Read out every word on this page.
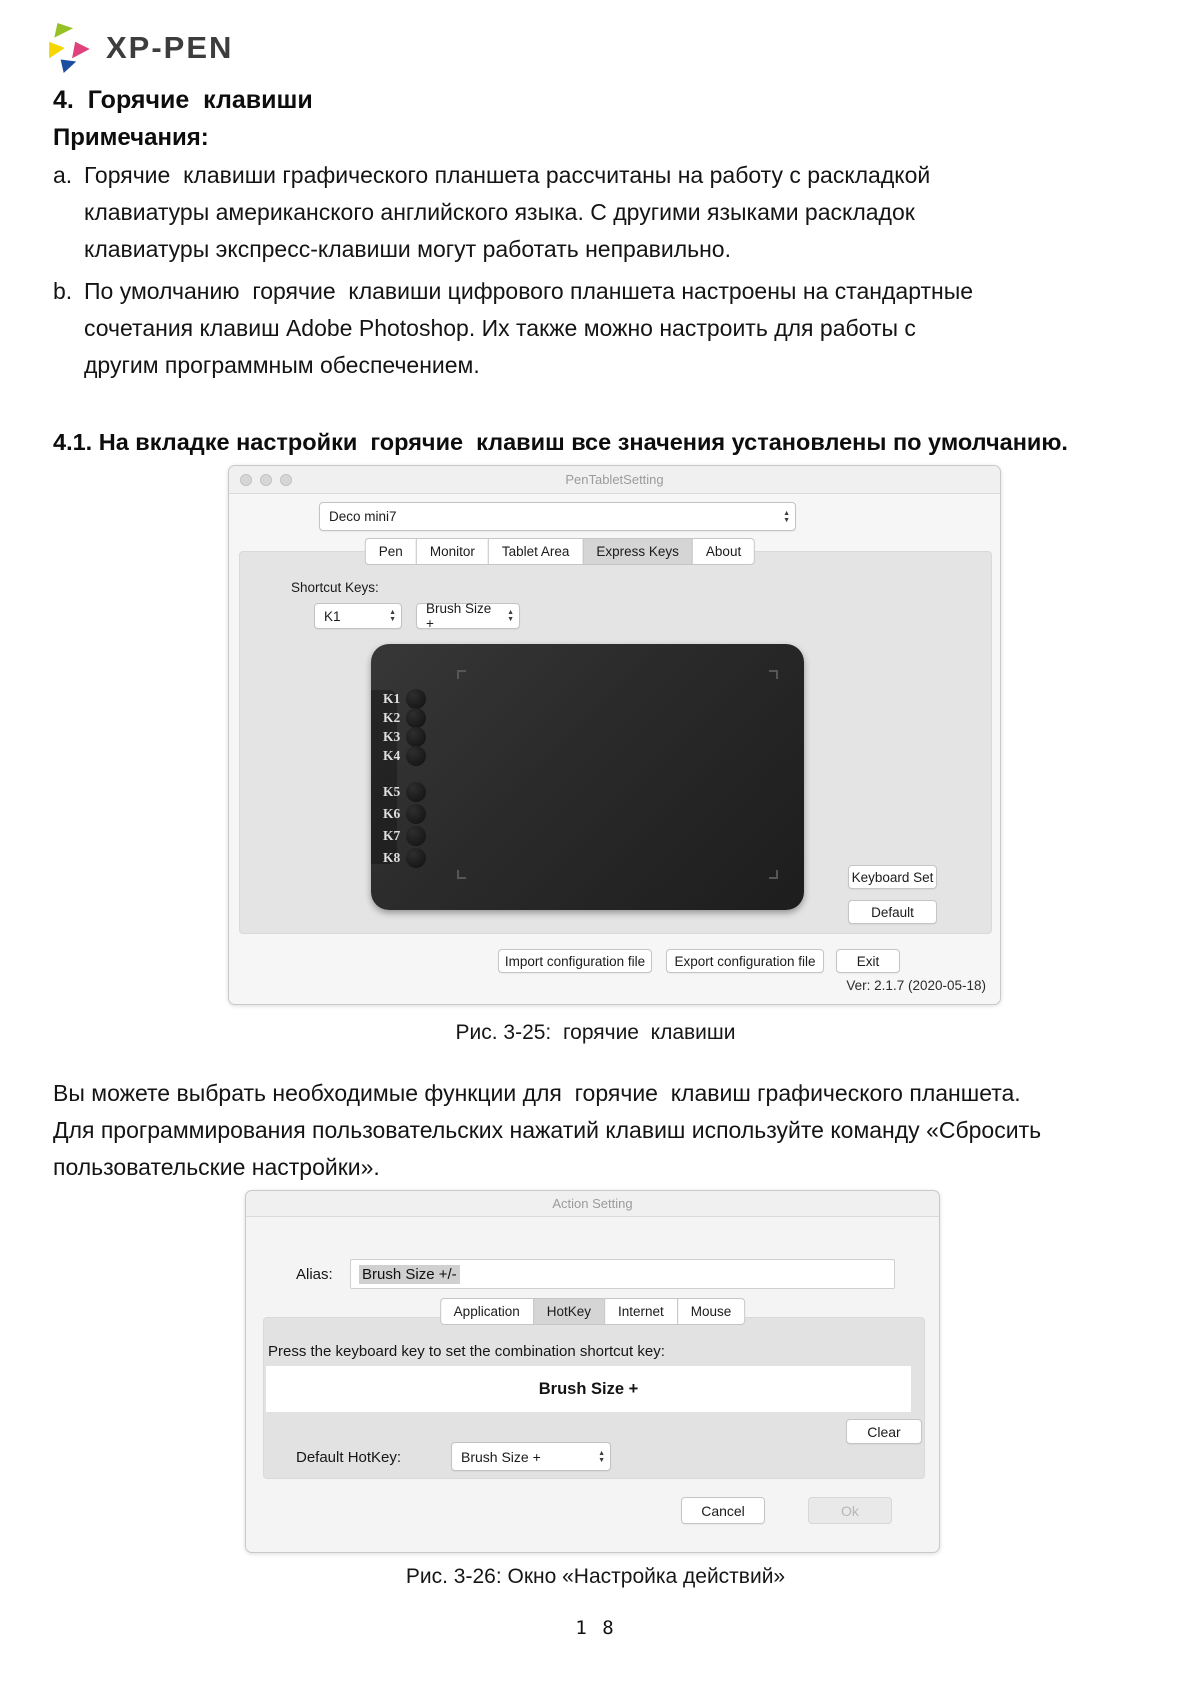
XP-PEN
4.  Горячие  клавиши
Примечания:
a. Горячие  клавиши графического планшета рассчитаны на работу с раскладкой клавиатуры американского английского языка. С другими языками раскладок клавиатуры экспресс-клавиши могут работать неправильно.
b. По умолчанию  горячие  клавиши цифрового планшета настроены на стандартные сочетания клавиш Adobe Photoshop. Их также можно настроить для работы с другим программным обеспечением.
4.1. На вкладке настройки  горячие  клавиш все значения установлены по умолчанию.
PenTabletSetting
Deco mini7	▲
▼
Pen	Monitor	Tablet Area	Express Keys	About
Shortcut Keys:
K1	▲
▼
Brush Size +
▲
▼
K1
K2
K3
K4
K5
K6
K7
K8
Keyboard Set
Default
Import configuration file	Export configuration file	Exit
Ver: 2.1.7 (2020-05-18)
Рис. 3-25:  горячие  клавиши
Вы можете выбрать необходимые функции для  горячие  клавиш графического планшета. Для программирования пользовательских нажатий клавиш используйте команду «Сбросить пользовательские настройки».
Action Setting
Alias: Brush Size +/-
Application	HotKey	Internet	Mouse
Press the keyboard key to set the combination shortcut key:
Brush Size +
Clear
Default HotKey:	Brush Size +	▲
▼
Cancel	Ok
Рис. 3-26: Окно «Настройка действий»
1 8
